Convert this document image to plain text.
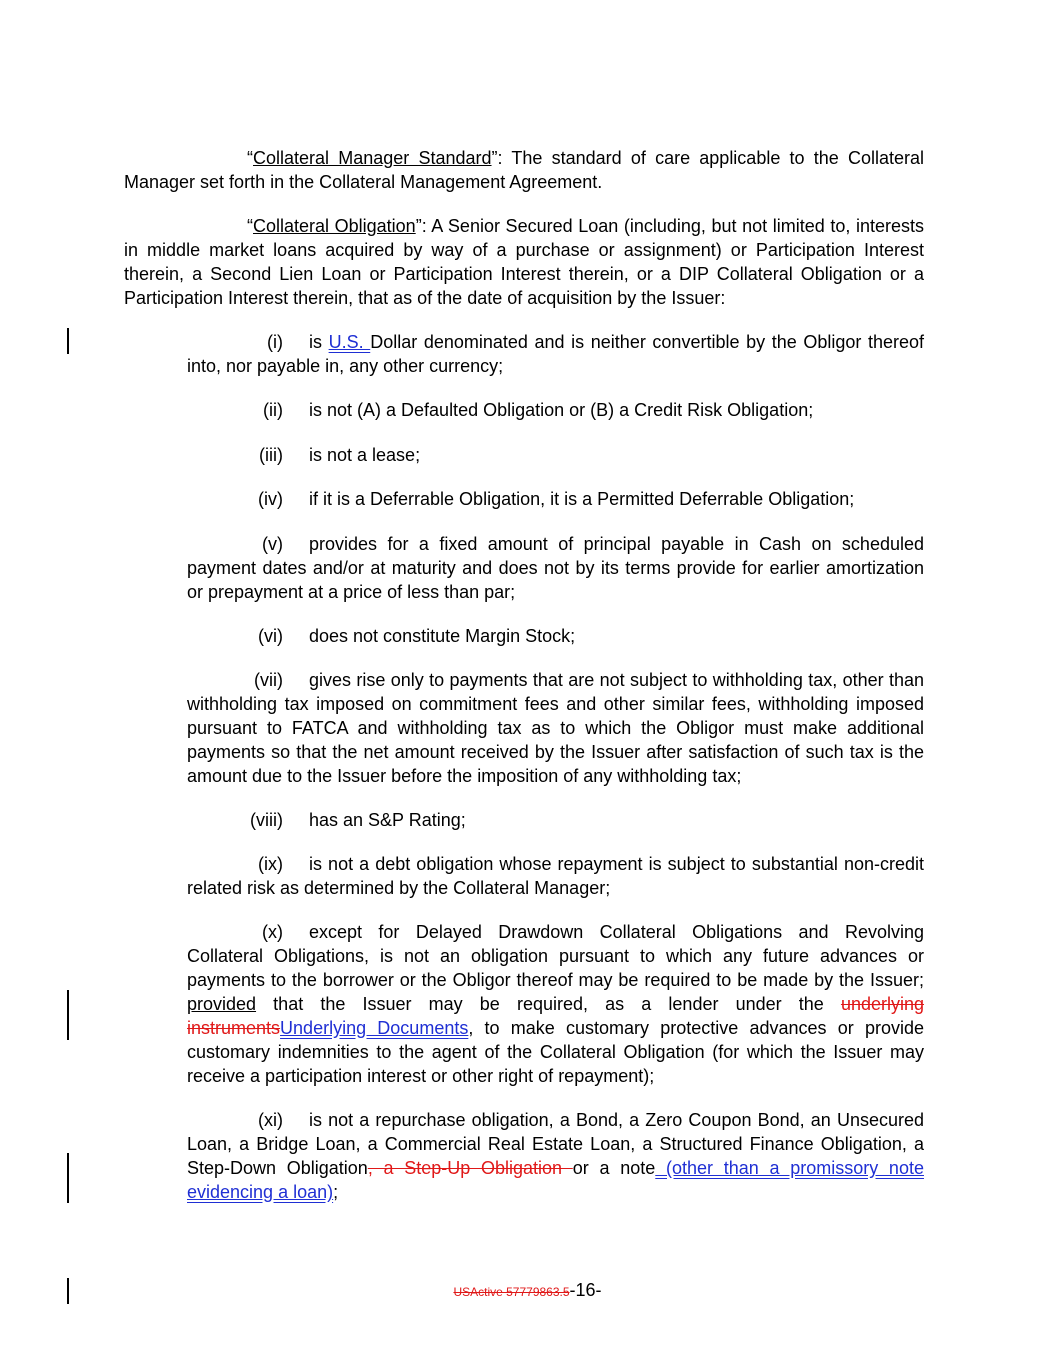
“Collateral Manager Standard”: The standard of care applicable to the Collateral Manager set forth in the Collateral Management Agreement.
“Collateral Obligation”: A Senior Secured Loan (including, but not limited to, interests in middle market loans acquired by way of a purchase or assignment) or Participation Interest therein, a Second Lien Loan or Participation Interest therein, or a DIP Collateral Obligation or a Participation Interest therein, that as of the date of acquisition by the Issuer:
(i) is U.S. Dollar denominated and is neither convertible by the Obligor thereof into, nor payable in, any other currency;
(ii) is not (A) a Defaulted Obligation or (B) a Credit Risk Obligation;
(iii) is not a lease;
(iv) if it is a Deferrable Obligation, it is a Permitted Deferrable Obligation;
(v) provides for a fixed amount of principal payable in Cash on scheduled payment dates and/or at maturity and does not by its terms provide for earlier amortization or prepayment at a price of less than par;
(vi) does not constitute Margin Stock;
(vii) gives rise only to payments that are not subject to withholding tax, other than withholding tax imposed on commitment fees and other similar fees, withholding imposed pursuant to FATCA and withholding tax as to which the Obligor must make additional payments so that the net amount received by the Issuer after satisfaction of such tax is the amount due to the Issuer before the imposition of any withholding tax;
(viii) has an S&P Rating;
(ix) is not a debt obligation whose repayment is subject to substantial non-credit related risk as determined by the Collateral Manager;
(x) except for Delayed Drawdown Collateral Obligations and Revolving Collateral Obligations, is not an obligation pursuant to which any future advances or payments to the borrower or the Obligor thereof may be required to be made by the Issuer; provided that the Issuer may be required, as a lender under the underlying instrumentsUnderlying Documents, to make customary protective advances or provide customary indemnities to the agent of the Collateral Obligation (for which the Issuer may receive a participation interest or other right of repayment);
(xi) is not a repurchase obligation, a Bond, a Zero Coupon Bond, an Unsecured Loan, a Bridge Loan, a Commercial Real Estate Loan, a Structured Finance Obligation, a Step-Down Obligation, a Step-Up Obligation or a note (other than a promissory note evidencing a loan);
USActive 57779863.5-16-
